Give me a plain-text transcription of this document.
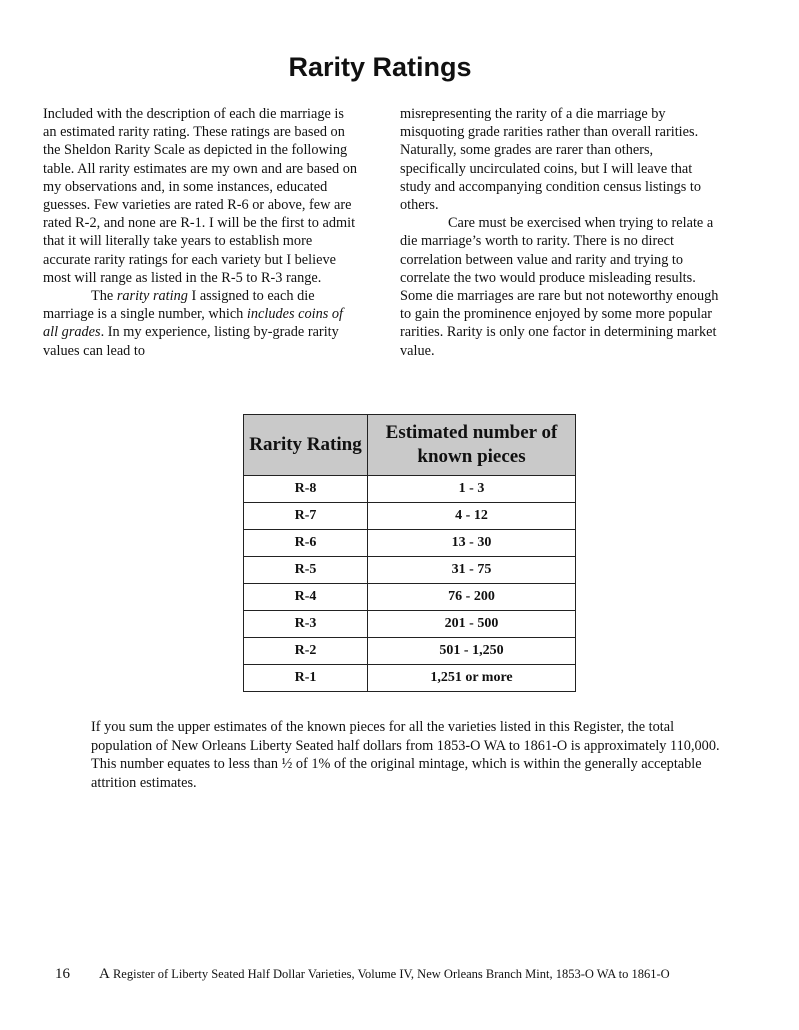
Rarity Ratings

Included with the description of each die marriage is an estimated rarity rating. These ratings are based on the Sheldon Rarity Scale as depicted in the following table. All rarity estimates are my own and are based on my observations and, in some instances, educated guesses. Few varieties are rated R-6 or above, few are rated R-2, and none are R-1. I will be the first to admit that it will literally take years to establish more accurate rarity ratings for each variety but I believe most will range as listed in the R-5 to R-3 range.

The rarity rating I assigned to each die marriage is a single number, which includes coins of all grades. In my experience, listing by-grade rarity values can lead to

misrepresenting the rarity of a die marriage by misquoting grade rarities rather than overall rarities. Naturally, some grades are rarer than others, specifically uncirculated coins, but I will leave that study and accompanying condition census listings to others.

Care must be exercised when trying to relate a die marriage’s worth to rarity. There is no direct correlation between value and rarity and trying to correlate the two would produce misleading results. Some die marriages are rare but not noteworthy enough to gain the prominence enjoyed by some more popular rarities. Rarity is only one factor in determining market value.

Rarity Rating	Estimated number of known pieces
R-8	1 - 3
R-7	4 - 12
R-6	13 - 30
R-5	31 - 75
R-4	76 - 200
R-3	201 - 500
R-2	501 - 1,250
R-1	1,251 or more

If you sum the upper estimates of the known pieces for all the varieties listed in this Register, the total population of New Orleans Liberty Seated half dollars from 1853-O WA to 1861-O is approximately 110,000. This number equates to less than ½ of 1% of the original mintage, which is within the generally acceptable attrition estimates.

16 A Register of Liberty Seated Half Dollar Varieties, Volume IV, New Orleans Branch Mint, 1853-O WA to 1861-O
